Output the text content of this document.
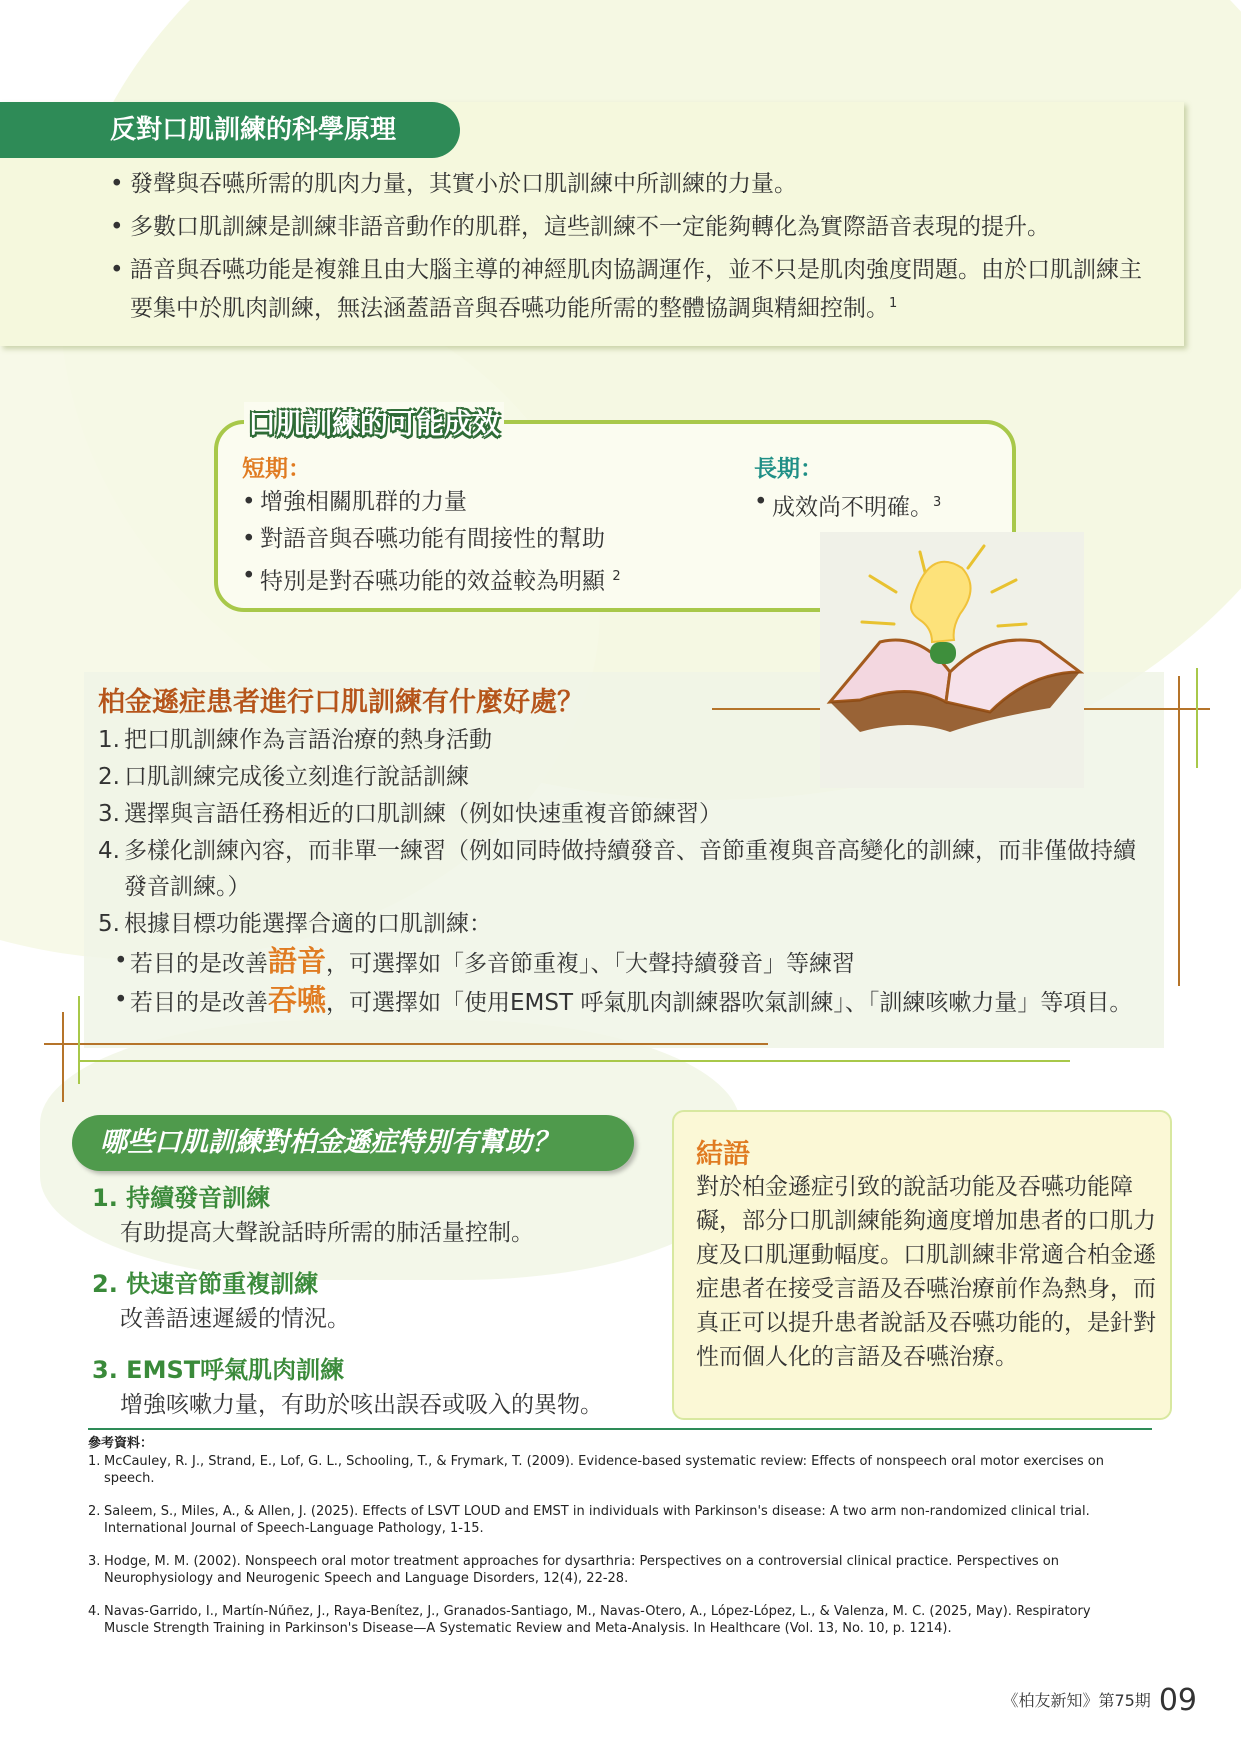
反對口肌訓練的科學原理
• 發聲與吞嚥所需的肌肉力量，其實小於口肌訓練中所訓練的力量。
• 多數口肌訓練是訓練非語音動作的肌群，這些訓練不一定能夠轉化為實際語音表現的提升。
• 語音與吞嚥功能是複雜且由大腦主導的神經肌肉協調運作，並不只是肌肉強度問題。由於口肌訓練主要集中於肌肉訓練，無法涵蓋語音與吞嚥功能所需的整體協調與精細控制。$^1$
口肌訓練的可能成效
短期：
• 增強相關肌群的力量
• 對語音與吞嚥功能有間接性的幫助
• 特別是對吞嚥功能的效益較為明顯 $^2$
長期：
• 成效尚不明確。$^3$
柏金遜症患者進行口肌訓練有什麼好處？
1. 把口肌訓練作為言語治療的熱身活動
2. 口肌訓練完成後立刻進行說話訓練
3. 選擇與言語任務相近的口肌訓練（例如快速重複音節練習）
4. 多樣化訓練內容，而非單一練習（例如同時做持續發音、音節重複與音高變化的訓練，而非僅做持續發音訓練。）
5. 根據目標功能選擇合適的口肌訓練：
• 若目的是改善語音，可選擇如「多音節重複」、「大聲持續發音」等練習
• 若目的是改善吞嚥，可選擇如「使用EMST 呼氣肌肉訓練器吹氣訓練」、「訓練咳嗽力量」等項目。
哪些口肌訓練對柏金遜症特別有幫助？
1. 持續發音訓練
有助提高大聲說話時所需的肺活量控制。
2. 快速音節重複訓練
改善語速遲緩的情況。
3. EMST呼氣肌肉訓練
增強咳嗽力量，有助於咳出誤吞或吸入的異物。
結語
對於柏金遜症引致的說話功能及吞嚥功能障礙，部分口肌訓練能夠適度增加患者的口肌力度及口肌運動幅度。口肌訓練非常適合柏金遜症患者在接受言語及吞嚥治療前作為熱身，而真正可以提升患者說話及吞嚥功能的，是針對性而個人化的言語及吞嚥治療。
參考資料：
1. McCauley, R. J., Strand, E., Lof, G. L., Schooling, T., & Frymark, T. (2009). Evidence-based systematic review: Effects of nonspeech oral motor exercises on speech.
2. Saleem, S., Miles, A., & Allen, J. (2025). Effects of LSVT LOUD and EMST in individuals with Parkinson's disease: A two arm non-randomized clinical trial. International Journal of Speech-Language Pathology, 1-15.
3. Hodge, M. M. (2002). Nonspeech oral motor treatment approaches for dysarthria: Perspectives on a controversial clinical practice. Perspectives on Neurophysiology and Neurogenic Speech and Language Disorders, 12(4), 22-28.
4. Navas-Garrido, I., Martín-Núñez, J., Raya-Benítez, J., Granados-Santiago, M., Navas-Otero, A., López-López, L., & Valenza, M. C. (2025, May). Respiratory Muscle Strength Training in Parkinson's Disease—A Systematic Review and Meta-Analysis. In Healthcare (Vol. 13, No. 10, p. 1214).
《柏友新知》第75期 09
